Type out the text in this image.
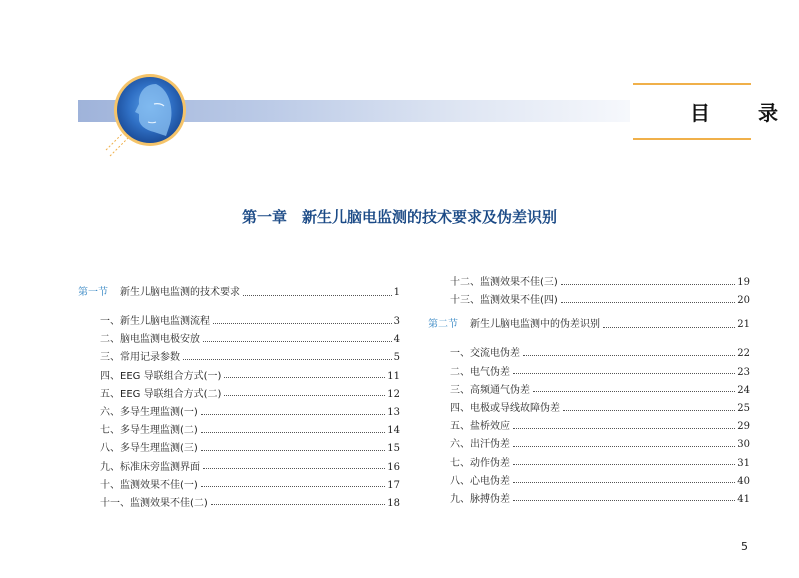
目　录
第一章　新生儿脑电监测的技术要求及伪差识别
第一节 新生儿脑电监测的技术要求	1
一、新生儿脑电监测流程	3
二、脑电监测电极安放	4
三、常用记录参数	5
四、EEG 导联组合方式(一)	11
五、EEG 导联组合方式(二)	12
六、多导生理监测(一)	13
七、多导生理监测(二)	14
八、多导生理监测(三)	15
九、标准床旁监测界面	16
十、监测效果不佳(一)	17
十一、监测效果不佳(二)	18
十二、监测效果不佳(三)	19
十三、监测效果不佳(四)	20
第二节 新生儿脑电监测中的伪差识别	21
一、交流电伪差	22
二、电气伪差	23
三、高频通气伪差	24
四、电极或导线故障伪差	25
五、盐桥效应	29
六、出汗伪差	30
七、动作伪差	31
八、心电伪差	40
九、脉搏伪差	41
5
